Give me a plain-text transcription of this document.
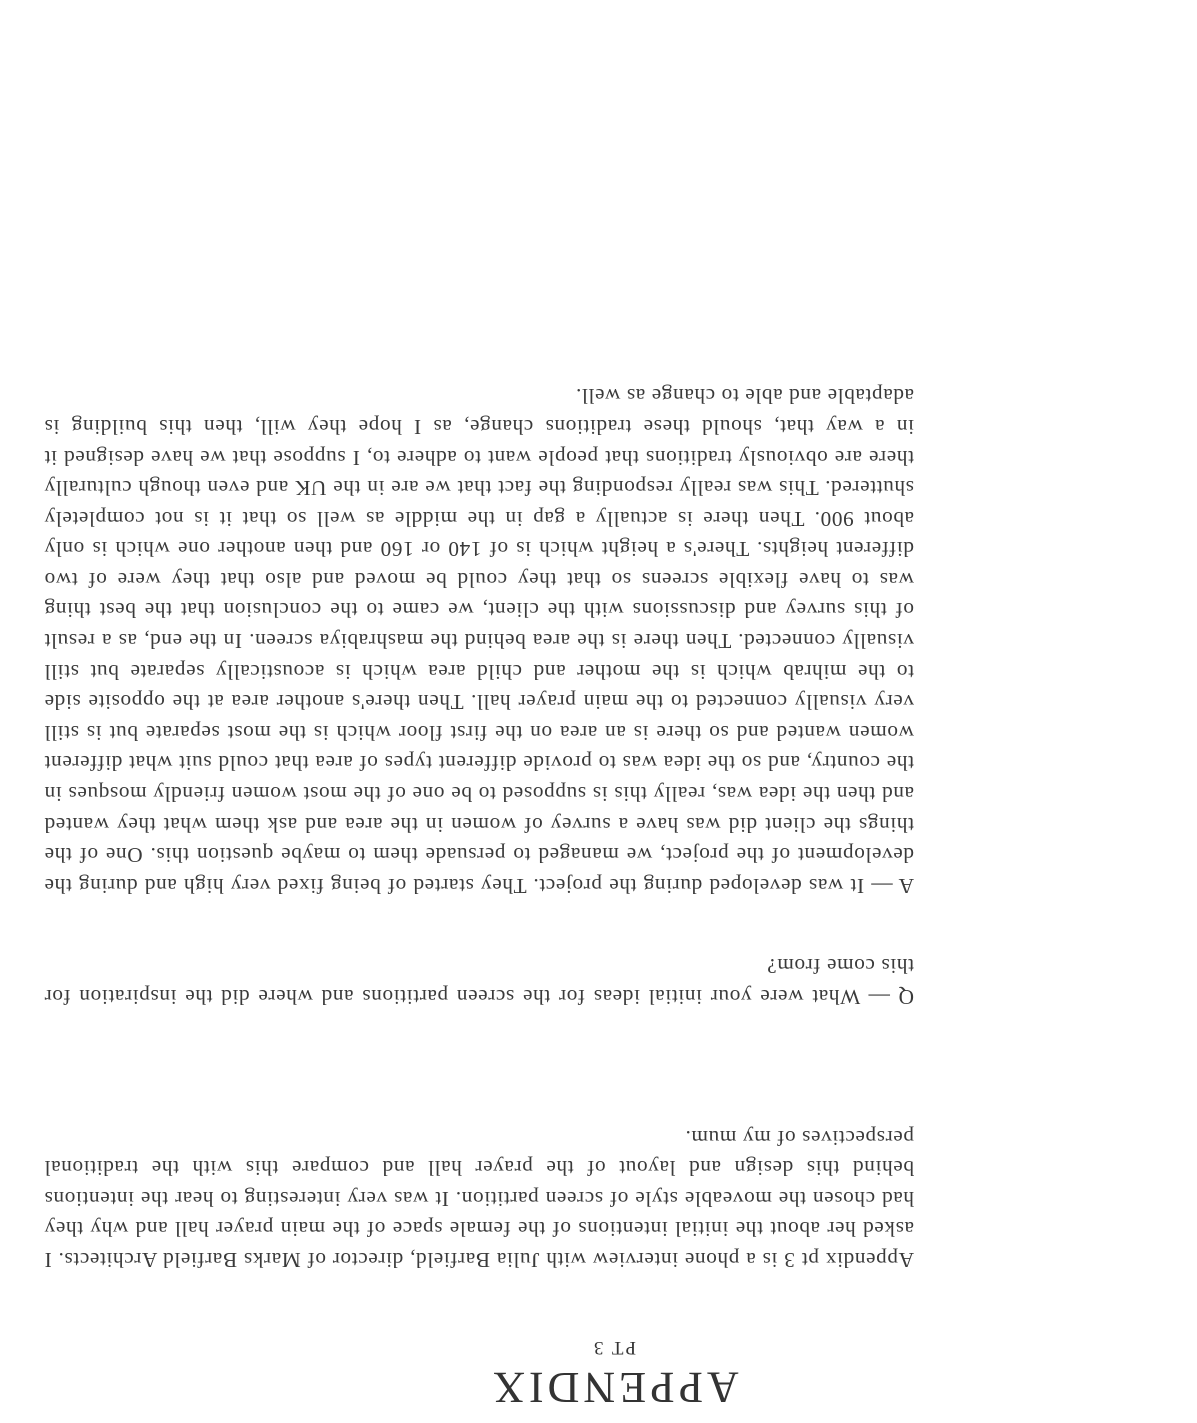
APPENDIX
PT 3

Appendix pt 3 is a phone interview with Julia Barfield, director of Marks Barfield Architects. I asked her about the initial intentions of the female space of the main prayer hall and why they had chosen the moveable style of screen partition. It was very interesting to hear the intentions behind this design and layout of the prayer hall and compare this with the traditional perspectives of my mum.

Q — What were your initial ideas for the screen partitions and where did the inspiration for this come from?

A — It was developed during the project. They started of being fixed very high and during the development of the project, we managed to persuade them to maybe question this. One of the things the client did was have a survey of women in the area and ask them what they wanted and then the idea was, really this is supposed to be one of the most women friendly mosques in the country, and so the idea was to provide different types of area that could suit what different women wanted and so there is an area on the first floor which is the most separate but is still very visually connected to the main prayer hall. Then there's another area at the opposite side to the mihrab which is the mother and child area which is acoustically separate but still visually connected. Then there is the area behind the mashrabiya screen. In the end, as a result of this survey and discussions with the client, we came to the conclusion that the best thing was to have flexible screens so that they could be moved and also that they were of two different heights. There's a height which is of 140 or 160 and then another one which is only about 900. Then there is actually a gap in the middle as well so that it is not completely shuttered. This was really responding the fact that we are in the UK and even though culturally there are obviously traditions that people want to adhere to, I suppose that we have designed it in a way that, should these traditions change, as I hope they will, then this building is adaptable and able to change as well.
